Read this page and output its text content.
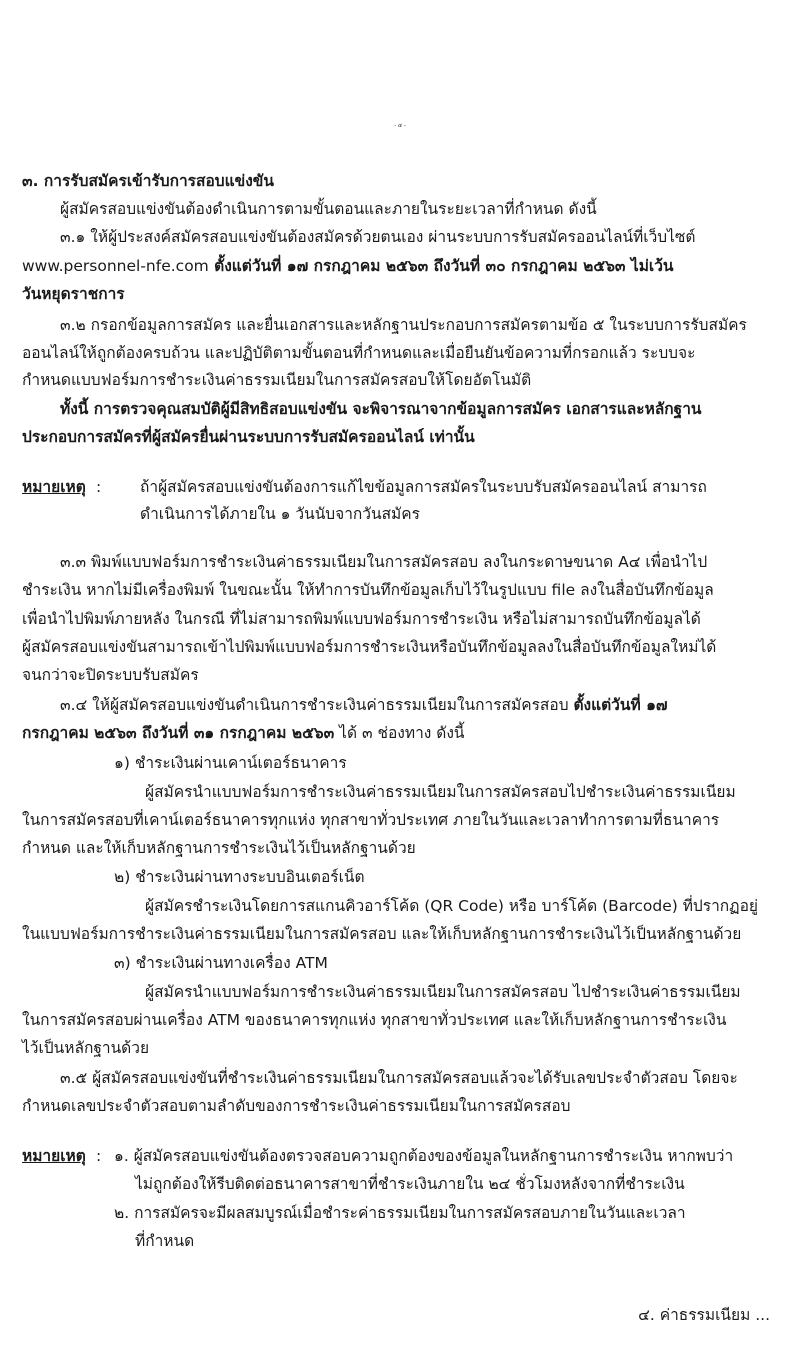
- ๔ -
๓. การรับสมัครเข้ารับการสอบแข่งขัน
ผู้สมัครสอบแข่งขันต้องดำเนินการตามขั้นตอนและภายในระยะเวลาที่กำหนด ดังนี้
๓.๑ ให้ผู้ประสงค์สมัครสอบแข่งขันต้องสมัครด้วยตนเอง ผ่านระบบการรับสมัครออนไลน์ที่เว็บไซต์
www.personnel-nfe.com ตั้งแต่วันที่ ๑๗ กรกฎาคม ๒๕๖๓ ถึงวันที่ ๓๐ กรกฎาคม ๒๕๖๓ ไม่เว้น
วันหยุดราชการ
๓.๒ กรอกข้อมูลการสมัคร และยื่นเอกสารและหลักฐานประกอบการสมัครตามข้อ ๕ ในระบบการรับสมัคร
ออนไลน์ให้ถูกต้องครบถ้วน และปฏิบัติตามขั้นตอนที่กำหนดและเมื่อยืนยันข้อความที่กรอกแล้ว ระบบจะ
กำหนดแบบฟอร์มการชำระเงินค่าธรรมเนียมในการสมัครสอบให้โดยอัตโนมัติ
ทั้งนี้ การตรวจคุณสมบัติผู้มีสิทธิสอบแข่งขัน จะพิจารณาจากข้อมูลการสมัคร เอกสารและหลักฐาน
ประกอบการสมัครที่ผู้สมัครยื่นผ่านระบบการรับสมัครออนไลน์ เท่านั้น
หมายเหตุ :	ถ้าผู้สมัครสอบแข่งขันต้องการแก้ไขข้อมูลการสมัครในระบบรับสมัครออนไลน์ สามารถ
ดำเนินการได้ภายใน ๑ วันนับจากวันสมัคร
๓.๓ พิมพ์แบบฟอร์มการชำระเงินค่าธรรมเนียมในการสมัครสอบ ลงในกระดาษขนาด A๔ เพื่อนำไป
ชำระเงิน หากไม่มีเครื่องพิมพ์ ในขณะนั้น ให้ทำการบันทึกข้อมูลเก็บไว้ในรูปแบบ file ลงในสื่อบันทึกข้อมูล
เพื่อนำไปพิมพ์ภายหลัง ในกรณี ที่ไม่สามารถพิมพ์แบบฟอร์มการชำระเงิน หรือไม่สามารถบันทึกข้อมูลได้
ผู้สมัครสอบแข่งขันสามารถเข้าไปพิมพ์แบบฟอร์มการชำระเงินหรือบันทึกข้อมูลลงในสื่อบันทึกข้อมูลใหม่ได้
จนกว่าจะปิดระบบรับสมัคร
๓.๔ ให้ผู้สมัครสอบแข่งขันดำเนินการชำระเงินค่าธรรมเนียมในการสมัครสอบ ตั้งแต่วันที่ ๑๗
กรกฎาคม ๒๕๖๓ ถึงวันที่ ๓๑ กรกฎาคม ๒๕๖๓ ได้ ๓ ช่องทาง ดังนี้
๑) ชำระเงินผ่านเคาน์เตอร์ธนาคาร
ผู้สมัครนำแบบฟอร์มการชำระเงินค่าธรรมเนียมในการสมัครสอบไปชำระเงินค่าธรรมเนียม
ในการสมัครสอบที่เคาน์เตอร์ธนาคารทุกแห่ง ทุกสาขาทั่วประเทศ ภายในวันและเวลาทำการตามที่ธนาคาร
กำหนด และให้เก็บหลักฐานการชำระเงินไว้เป็นหลักฐานด้วย
๒) ชำระเงินผ่านทางระบบอินเตอร์เน็ต
ผู้สมัครชำระเงินโดยการสแกนคิวอาร์โค้ด (QR Code) หรือ บาร์โค้ด (Barcode) ที่ปรากฏอยู่
ในแบบฟอร์มการชำระเงินค่าธรรมเนียมในการสมัครสอบ และให้เก็บหลักฐานการชำระเงินไว้เป็นหลักฐานด้วย
๓) ชำระเงินผ่านทางเครื่อง ATM
ผู้สมัครนำแบบฟอร์มการชำระเงินค่าธรรมเนียมในการสมัครสอบ ไปชำระเงินค่าธรรมเนียม
ในการสมัครสอบผ่านเครื่อง ATM ของธนาคารทุกแห่ง ทุกสาขาทั่วประเทศ และให้เก็บหลักฐานการชำระเงิน
ไว้เป็นหลักฐานด้วย
๓.๕ ผู้สมัครสอบแข่งขันที่ชำระเงินค่าธรรมเนียมในการสมัครสอบแล้วจะได้รับเลขประจำตัวสอบ โดยจะ
กำหนดเลขประจำตัวสอบตามลำดับของการชำระเงินค่าธรรมเนียมในการสมัครสอบ
หมายเหตุ : ๑. ผู้สมัครสอบแข่งขันต้องตรวจสอบความถูกต้องของข้อมูลในหลักฐานการชำระเงิน หากพบว่า
ไม่ถูกต้องให้รีบติดต่อธนาคารสาขาที่ชำระเงินภายใน ๒๔ ชั่วโมงหลังจากที่ชำระเงิน
๒. การสมัครจะมีผลสมบูรณ์เมื่อชำระค่าธรรมเนียมในการสมัครสอบภายในวันและเวลา
ที่กำหนด
๔. ค่าธรรมเนียม ...
